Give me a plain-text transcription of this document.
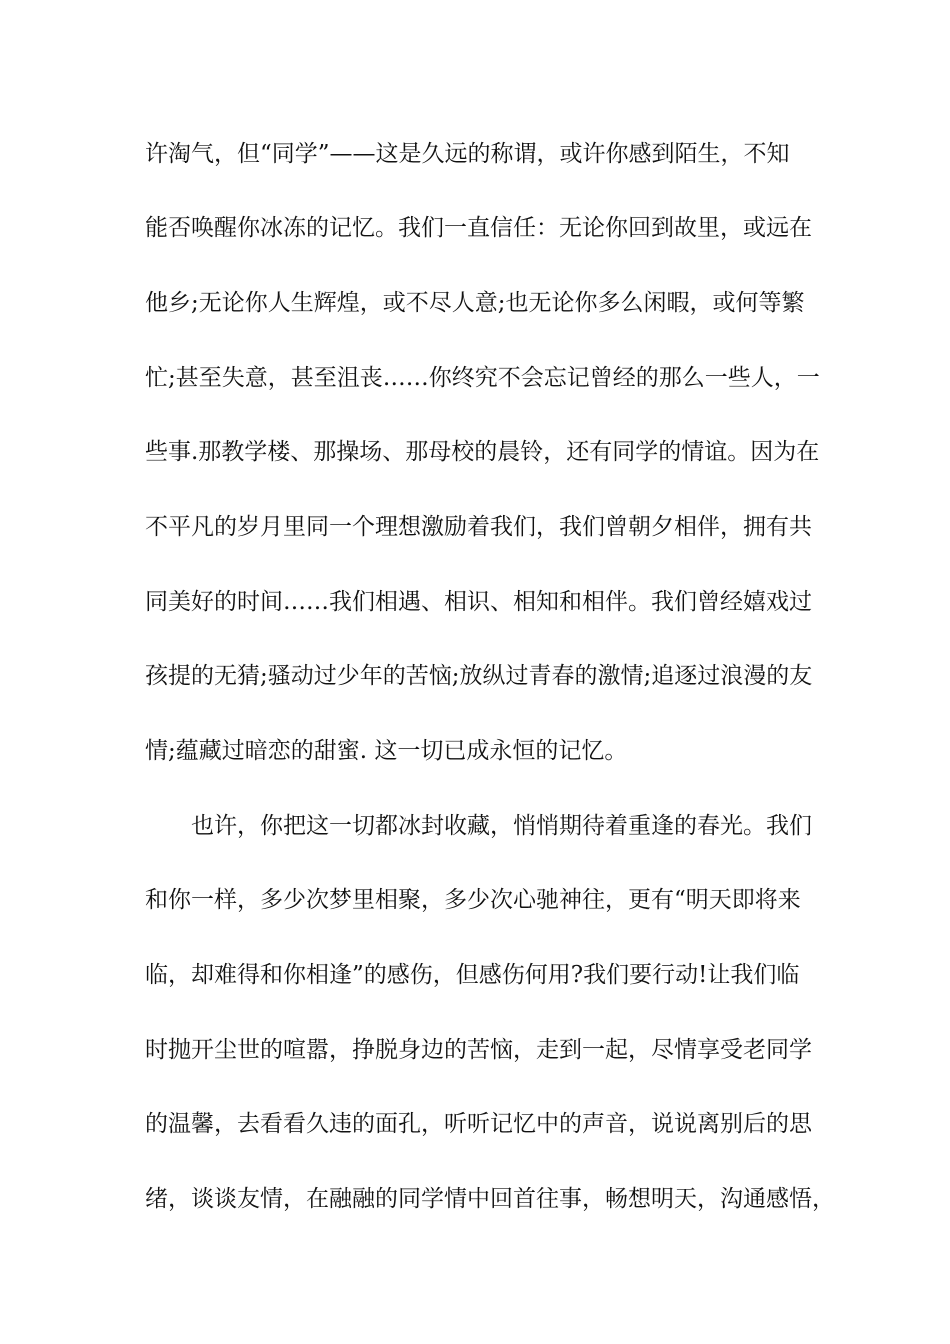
许淘气，但“同学”——这是久远的称谓，或许你感到陌生，不知
能否唤醒你冰冻的记忆。我们一直信任：无论你回到故里，或远在
他乡;无论你人生辉煌，或不尽人意;也无论你多么闲暇，或何等繁
忙;甚至失意，甚至沮丧……你终究不会忘记曾经的那么一些人，一
些事.那教学楼、那操场、那母校的晨铃，还有同学的情谊。因为在
不平凡的岁月里同一个理想激励着我们，我们曾朝夕相伴，拥有共
同美好的时间……我们相遇、相识、相知和相伴。我们曾经嬉戏过
孩提的无猜;骚动过少年的苦恼;放纵过青春的激情;追逐过浪漫的友
情;蕴藏过暗恋的甜蜜. 这一切已成永恒的记忆。
也许，你把这一切都冰封收藏，悄悄期待着重逢的春光。我们
和你一样，多少次梦里相聚，多少次心驰神往，更有“明天即将来
临，却难得和你相逢”的感伤，但感伤何用?我们要行动!让我们临
时抛开尘世的喧嚣，挣脱身边的苦恼，走到一起，尽情享受老同学
的温馨，去看看久违的面孔，听听记忆中的声音，说说离别后的思
绪，谈谈友情，在融融的同学情中回首往事，畅想明天，沟通感悟，
